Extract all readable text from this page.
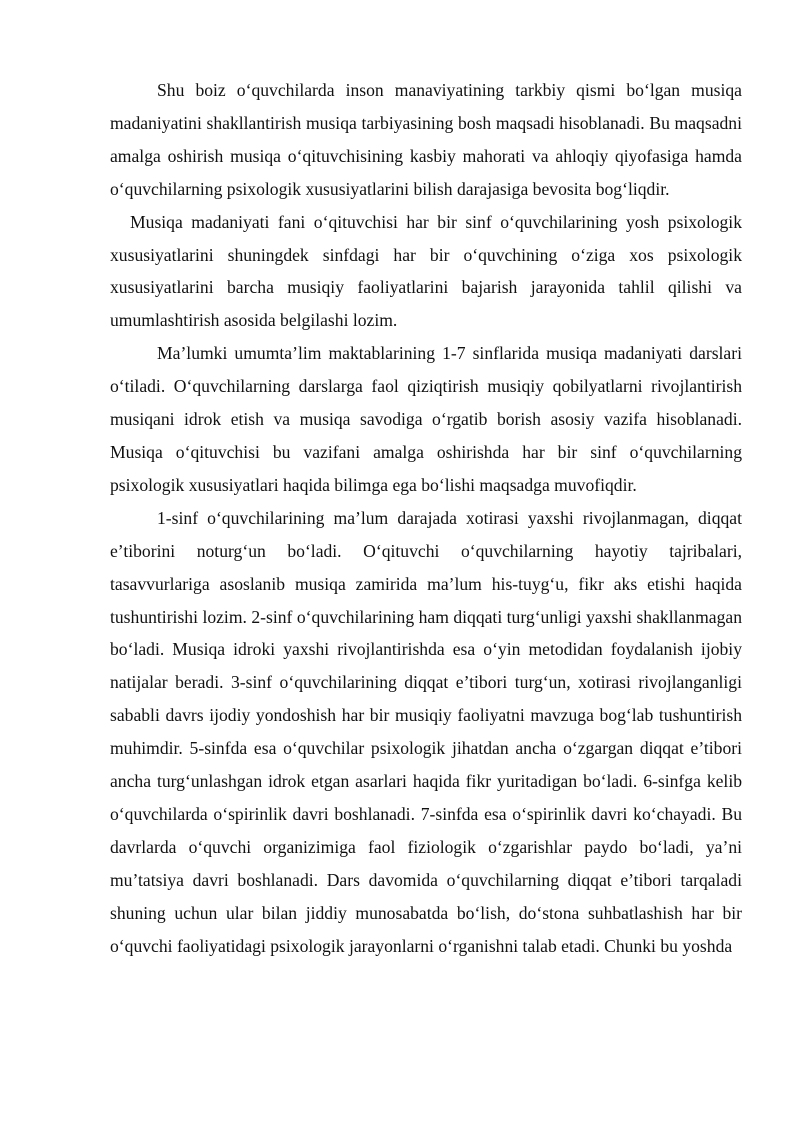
Shu boiz o‘quvchilarda inson manaviyatining tarkbiy qismi bo‘lgan musiqa madaniyatini shakllantirish musiqa tarbiyasining bosh maqsadi hisoblanadi. Bu maqsadni amalga oshirish musiqa o‘qituvchisining kasbiy mahorati va ahloqiy qiyofasiga hamda o‘quvchilarning psixologik xususiyatlarini bilish darajasiga bevosita bog‘liqdir.

Musiqa madaniyati fani o‘qituvchisi har bir sinf o‘quvchilarining yosh psixologik xususiyatlarini shuningdek sinfdagi har bir o‘quvchining o‘ziga xos psixologik xususiyatlarini barcha musiqiy faoliyatlarini bajarish jarayonida tahlil qilishi va umumlashtirish asosida belgilashi lozim.

Ma’lumki umumta’lim maktablarining 1-7 sinflarida musiqa madaniyati darslari o‘tiladi. O‘quvchilarning darslarga faol qiziqtirish musiqiy qobilyatlarni rivojlantirish musiqani idrok etish va musiqa savodiga o‘rgatib borish asosiy vazifa hisoblanadi. Musiqa o‘qituvchisi bu vazifani amalga oshirishda har bir sinf o‘quvchilarning psixologik xususiyatlari haqida bilimga ega bo‘lishi maqsadga muvofiqdir.

1-sinf o‘quvchilarining ma’lum darajada xotirasi yaxshi rivojlanmagan, diqqat e’tiborini noturg‘un bo‘ladi. O‘qituvchi o‘quvchilarning hayotiy tajribalari, tasavvurlariga asoslanib musiqa zamirida ma’lum his-tuyg‘u, fikr aks etishi haqida tushuntirishi lozim. 2-sinf o‘quvchilarining ham diqqati turg‘unligi yaxshi shakllanmagan bo‘ladi. Musiqa idroki yaxshi rivojlantirishda esa o‘yin metodidan foydalanish ijobiy natijalar beradi. 3-sinf o‘quvchilarining diqqat e’tibori turg‘un, xotirasi rivojlanganligi sababli davrs ijodiy yondoshish har bir musiqiy faoliyatni mavzuga bog‘lab tushuntirish muhimdir. 5-sinfda esa o‘quvchilar psixologik jihatdan ancha o‘zgargan diqqat e’tibori ancha turg‘unlashgan idrok etgan asarlari haqida fikr yuritadigan bo‘ladi. 6-sinfga kelib o‘quvchilarda o‘spirinlik davri boshlanadi. 7-sinfda esa o‘spirinlik davri ko‘chayadi. Bu davrlarda o‘quvchi organizimiga faol fiziologik o‘zgarishlar paydo bo‘ladi, ya’ni mu’tatsiya davri boshlanadi. Dars davomida o‘quvchilarning diqqat e’tibori tarqaladi shuning uchun ular bilan jiddiy munosabatda bo‘lish, do‘stona suhbatlashish har bir o‘quvchi faoliyatidagi psixologik jarayonlarni o‘rganishni talab etadi. Chunki bu yoshda
